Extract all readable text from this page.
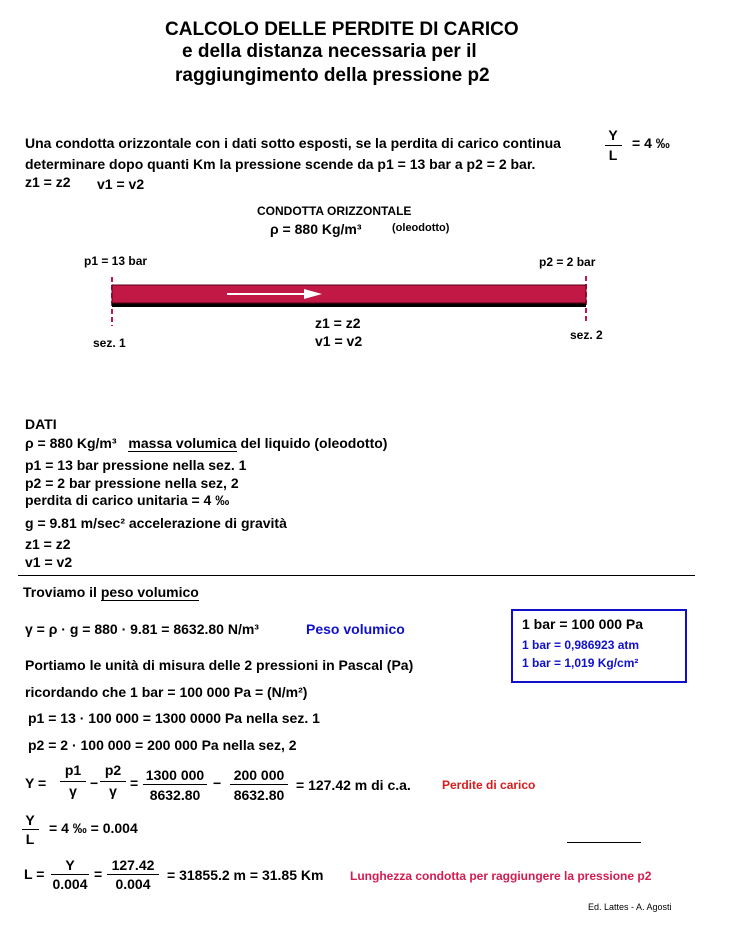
CALCOLO DELLE PERDITE DI CARICO
e della distanza necessaria per il
raggiungimento della pressione p2
Una condotta orizzontale con i dati sotto esposti, se la perdita di carico continua	Y
L
= 4 ‰
determinare dopo quanti Km la pressione scende da p1 = 13 bar a p2 = 2 bar.
z1 = z2 v1 = v2
CONDOTTA ORIZZONTALE
ρ = 880 Kg/m³	(oleodotto)
p1 = 13 bar	p2 = 2 bar
sez. 1
sez. 2
z1 = z2
v1 = v2
DATI
ρ = 880 Kg/m³ massa volumica del liquido (oleodotto)
p1 = 13 bar pressione nella sez. 1
p2 = 2 bar pressione nella sez, 2
perdita di carico unitaria = 4 ‰
g = 9.81 m/sec² accelerazione di gravità
z1 = z2
v1 = v2
Troviamo il peso volumico
γ = ρ · g = 880 · 9.81 = 8632.80 N/m³	Peso volumico	1 bar = 100 000 Pa
1 bar = 0,986923 atm
1 bar = 1,019 Kg/cm²
Portiamo le unità di misura delle 2 pressioni in Pascal (Pa)
ricordando che 1 bar = 100 000 Pa = (N/m²)
p1 = 13 · 100 000 = 1300 0000 Pa nella sez. 1
p2 = 2 · 100 000 = 200 000 Pa nella sez, 2
Y =
p1
γ −
p2
γ = 1300 000
8632.80
− 200 000
8632.80
= 127.42 m di c.a.	Perdite di carico
Y
L
= 4 ‰ = 0.004
L =
Y
0.004
=
127.42
0.004
= 31855.2 m = 31.85 Km Lunghezza condotta per raggiungere la pressione p2
Ed. Lattes - A. Agosti
